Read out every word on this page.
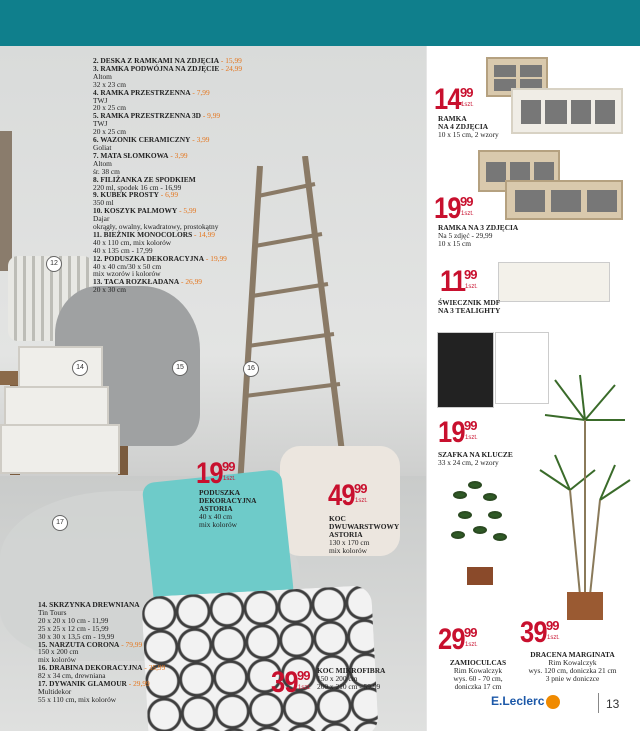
12
14	15	16
17
2. DESKA Z RAMKAMI NA ZDJĘCIA - 15,99
3. RAMKA PODWÓJNA NA ZDJĘCIE - 24,99
Altom
32 x 23 cm
4. RAMKA PRZESTRZENNA - 7,99
TWJ
20 x 25 cm
5. RAMKA PRZESTRZENNA 3D - 9,99
TWJ
20 x 25 cm
6. WAZONIK CERAMICZNY - 3,99
Goliat
7. MATA SŁOMKOWA - 3,99
Altom
śr. 38 cm
8. FILIŻANKA ZE SPODKIEM
220 ml, spodek 16 cm - 16,99
9. KUBEK PROSTY - 6,99
350 ml
10. KOSZYK PALMOWY - 5,99
Dajar
okrągły, owalny, kwadratowy, prostokątny
11. BIEŻNIK MONOCOLORS - 14,99
40 x 110 cm, mix kolorów
40 x 135 cm - 17,99
12. PODUSZKA DEKORACYJNA - 19,99
40 x 40 cm/30 x 50 cm
mix wzorów i kolorów
13. TACA ROZKŁADANA - 26,99
20 x 30 cm
14. SKRZYNKA DREWNIANA
Tin Tours
20 x 20 x 10 cm - 11,99
25 x 25 x 12 cm - 15,99
30 x 30 x 13,5 cm - 19,99
15. NARZUTA CORONA - 79,99
150 x 200 cm
mix kolorów
16. DRABINA DEKORACYJNA - 35,99
82 x 34 cm, drewniana
17. DYWANIK GLAMOUR - 29,99
Multidekor
55 x 110 cm, mix kolorów
19 99
1szt.
PODUSZKA
DEKORACYJNA
ASTORIA
40 x 40 cm
mix kolorów
49 99
1szt.
KOC
DWUWARSTWOWY
ASTORIA
130 x 170 cm
mix kolorów
39 99
1szt.
KOC MIKROFIBRA
150 x 200 cm
200 x 210 cm - 59,99
14 99
1szt.
RAMKA
NA 4 ZDJĘCIA
10 x 15 cm, 2 wzory
19 99
1szt.
RAMKA NA 3 ZDJĘCIA
Na 5 zdjęć - 29,99
10 x 15 cm
11
99
1szt.
ŚWIECZNIK MDF
NA 3 TEALIGHTY
19 99
1szt.
SZAFKA NA KLUCZE
33 x 24 cm, 2 wzory
29 99
1szt.
ZAMIOCULCAS
Rim Kowalczyk
wys. 60 - 70 cm,
doniczka 17 cm
39 99
1szt.
DRACENA MARGINATA
Rim Kowalczyk
wys. 120 cm, doniczka 21 cm
3 pnie w doniczce
E.Leclerc	13
